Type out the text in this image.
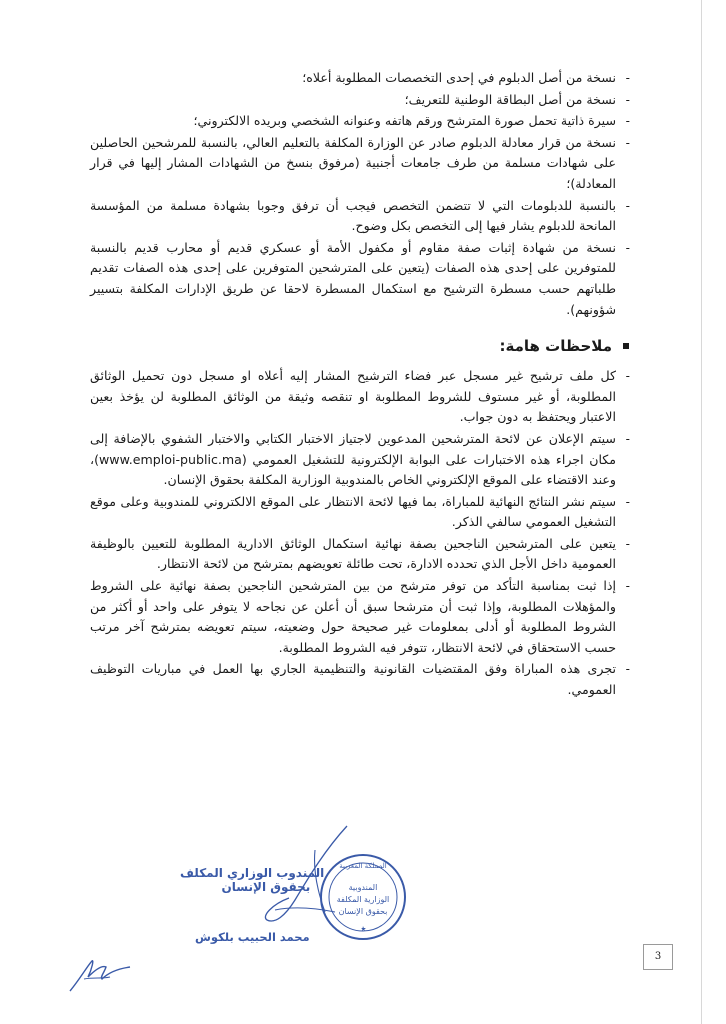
-
نسخة من أصل الدبلوم في إحدى التخصصات المطلوبة أعلاه؛
-
نسخة من أصل البطاقة الوطنية للتعريف؛
-
سيرة ذاتية تحمل صورة المترشح ورقم هاتفه وعنوانه الشخصي وبريده الالكتروني؛
-
نسخة من قرار معادلة الدبلوم صادر عن الوزارة المكلفة بالتعليم العالي، بالنسبة للمرشحين الحاصلين على شهادات مسلمة من طرف جامعات أجنبية (مرفوق بنسخ من الشهادات المشار إليها في قرار المعادلة)؛
-
بالنسبة للدبلومات التي لا تتضمن التخصص فيجب أن ترفق وجوبا بشهادة مسلمة من المؤسسة المانحة للدبلوم يشار فيها إلى التخصص بكل وضوح.
-
نسخة من شهادة إثبات صفة مقاوم أو مكفول الأمة أو عسكري قديم أو محارب قديم بالنسبة للمتوفرين على إحدى هذه الصفات (يتعين على المترشحين المتوفرين على إحدى هذه الصفات تقديم طلباتهم حسب مسطرة الترشيح مع استكمال المسطرة لاحقا عن طريق الإدارات المكلفة بتسيير شؤونهم).
ملاحظات هامة:
-
كل ملف ترشيح غير مسجل عبر فضاء الترشيح المشار إليه أعلاه او مسجل دون تحميل الوثائق المطلوبة، أو غير مستوف للشروط المطلوبة او تنقصه وثيقة من الوثائق المطلوبة لن يؤخذ بعين الاعتبار ويحتفظ به دون جواب.
-
سيتم الإعلان عن لائحة المترشحين المدعوين لاجتياز الاختبار الكتابي والاختبار الشفوي بالإضافة إلى مكان اجراء هذه الاختبارات على البوابة الإلكترونية للتشغيل العمومي (www.emploi-public.ma)، وعند الاقتضاء على الموقع الإلكتروني الخاص بالمندوبية الوزارية المكلفة بحقوق الإنسان.
-
سيتم نشر النتائج النهائية للمباراة، بما فيها لائحة الانتظار على الموقع الالكتروني للمندوبية وعلى موقع التشغيل العمومي سالفي الذكر.
-
يتعين على المترشحين الناجحين بصفة نهائية استكمال الوثائق الادارية المطلوبة للتعيين بالوظيفة العمومية داخل الأجل الذي تحدده الادارة، تحت طائلة تعويضهم بمترشح من لائحة الانتظار.
-
إذا ثبت بمناسبة التأكد من توفر مترشح من بين المترشحين الناجحين بصفة نهائية على الشروط والمؤهلات المطلوبة، وإذا ثبت أن مترشحا سبق أن أعلن عن نجاحه لا يتوفر على واحد أو أكثر من الشروط المطلوبة أو أدلى بمعلومات غير صحيحة حول وضعيته، سيتم تعويضه بمترشح آخر مرتب حسب الاستحقاق في لائحة الانتظار، تتوفر فيه الشروط المطلوبة.
-
تجرى هذه المباراة وفق المقتضيات القانونية والتنظيمية الجاري بها العمل في مباريات التوظيف العمومي.
المملكة المغربية
المندوبية
الوزارية المكلفة
بحقوق الإنسان
المندوب الوزاري المكلف
بحقوق الإنسان
محمد الحبيب بلكوش
3
